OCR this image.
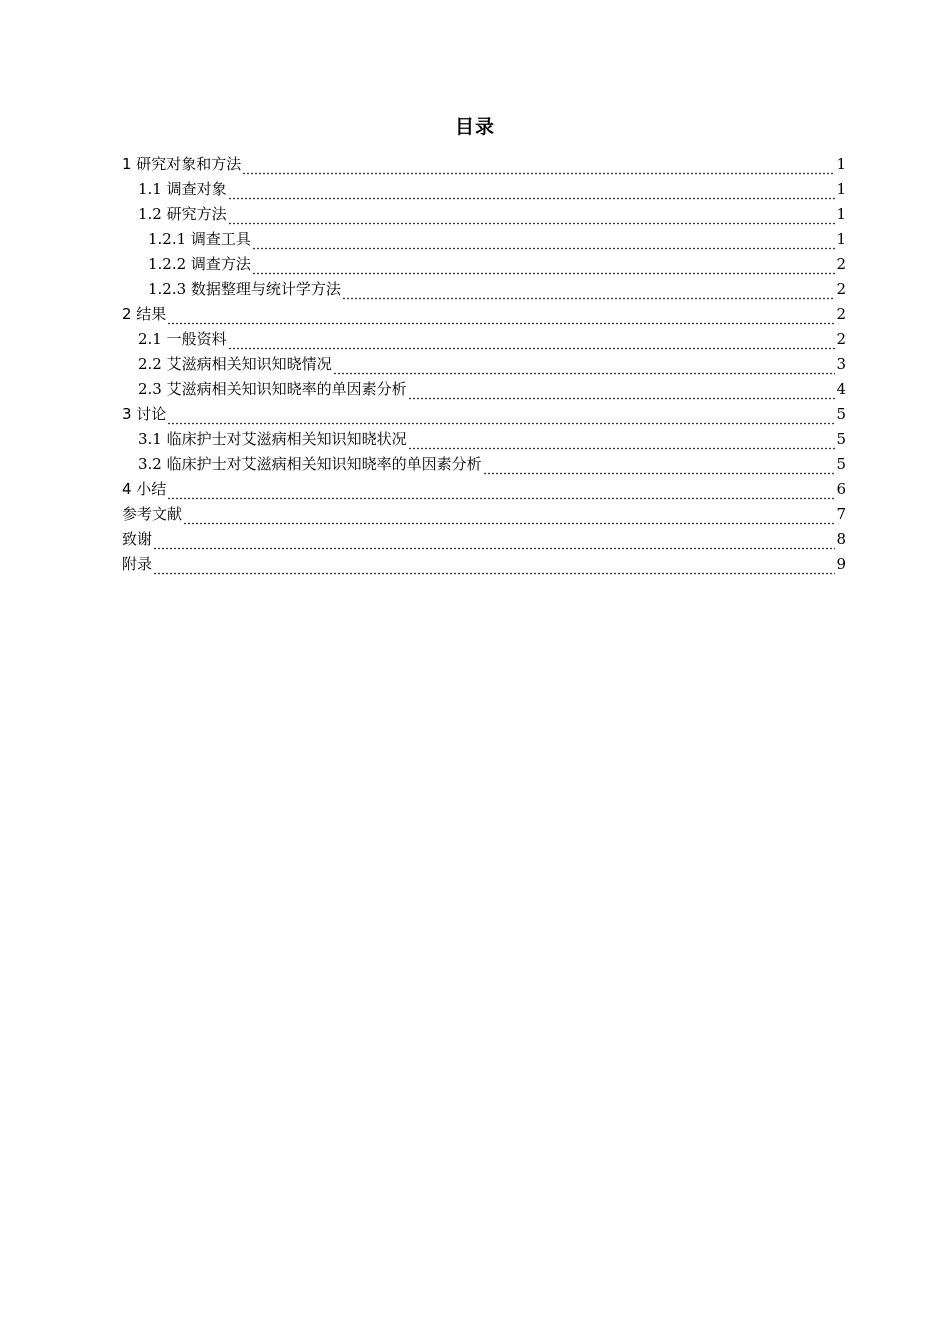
目录
1 研究对象和方法	1
1.1 调查对象	1
1.2 研究方法	1
1.2.1 调查工具	1
1.2.2 调查方法	2
1.2.3 数据整理与统计学方法	2
2 结果	2
2.1 一般资料	2
2.2 艾滋病相关知识知晓情况	3
2.3 艾滋病相关知识知晓率的单因素分析	4
3 讨论	5
3.1 临床护士对艾滋病相关知识知晓状况	5
3.2 临床护士对艾滋病相关知识知晓率的单因素分析	5
4 小结	6
参考文献	7
致谢	8
附录	9
